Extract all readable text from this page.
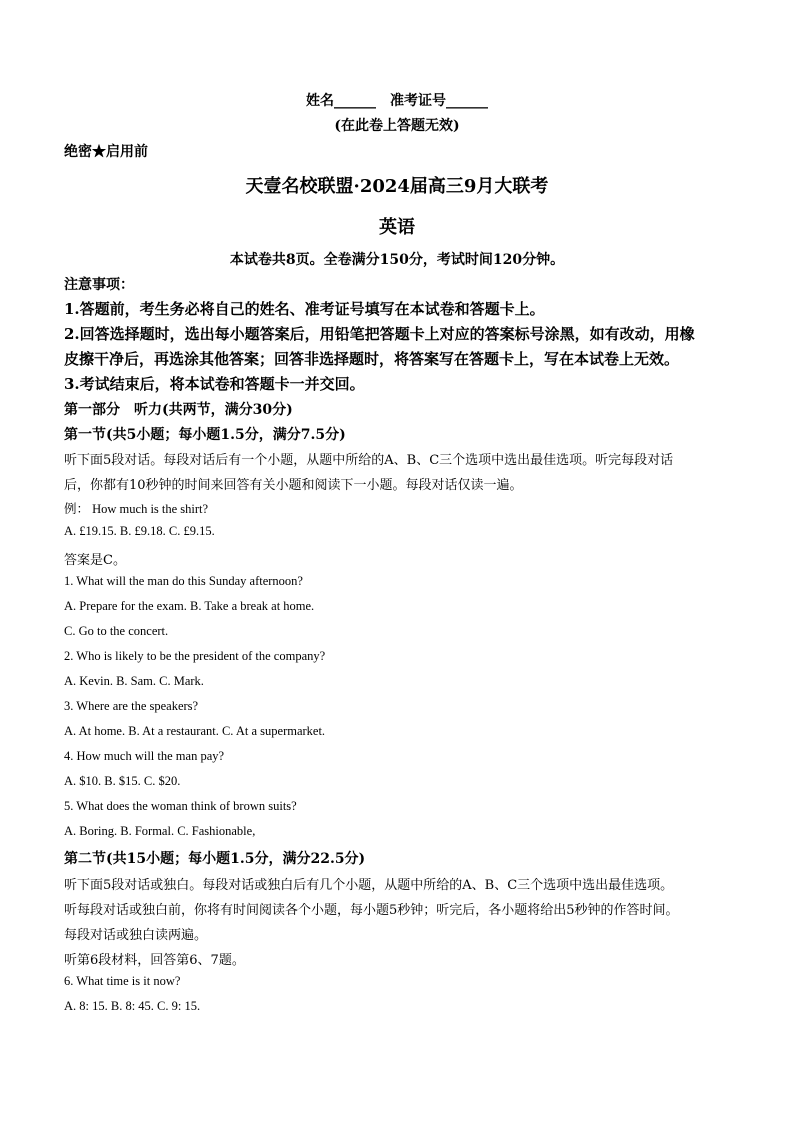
姓名______　准考证号______
(在此卷上答题无效)
绝密★启用前
天壹名校联盟·2024届高三9月大联考
英语
本试卷共8页。全卷满分150分，考试时间120分钟。
注意事项：
1.答题前，考生务必将自己的姓名、准考证号填写在本试卷和答题卡上。
2.回答选择题时，选出每小题答案后，用铅笔把答题卡上对应的答案标号涂黑，如有改动，用橡
皮擦干净后，再选涂其他答案；回答非选择题时，将答案写在答题卡上，写在本试卷上无效。
3.考试结束后，将本试卷和答题卡一并交回。
第一部分　听力(共两节，满分30分)
第一节(共5小题；每小题1.5分，满分7.5分)
听下面5段对话。每段对话后有一个小题，从题中所给的A、B、C三个选项中选出最佳选项。听完每段对话
后，你都有10秒钟的时间来回答有关小题和阅读下一小题。每段对话仅读一遍。
例： How much is the shirt?
A. £19.15. B. £9.18. C. £9.15.
答案是C。
1. What will the man do this Sunday afternoon?
A. Prepare for the exam. B. Take a break at home.
C. Go to the concert.
2. Who is likely to be the president of the company?
A. Kevin. B. Sam. C. Mark.
3. Where are the speakers?
A. At home. B. At a restaurant. C. At a supermarket.
4. How much will the man pay?
A. $10. B. $15. C. $20.
5. What does the woman think of brown suits?
A. Boring. B. Formal. C. Fashionable,
第二节(共15小题；每小题1.5分，满分22.5分)
听下面5段对话或独白。每段对话或独白后有几个小题，从题中所给的A、B、C三个选项中选出最佳选项。
听每段对话或独白前，你将有时间阅读各个小题，每小题5秒钟；听完后，各小题将给出5秒钟的作答时间。
每段对话或独白读两遍。
听第6段材料，回答第6、7题。
6. What time is it now?
A. 8: 15. B. 8: 45. C. 9: 15.
